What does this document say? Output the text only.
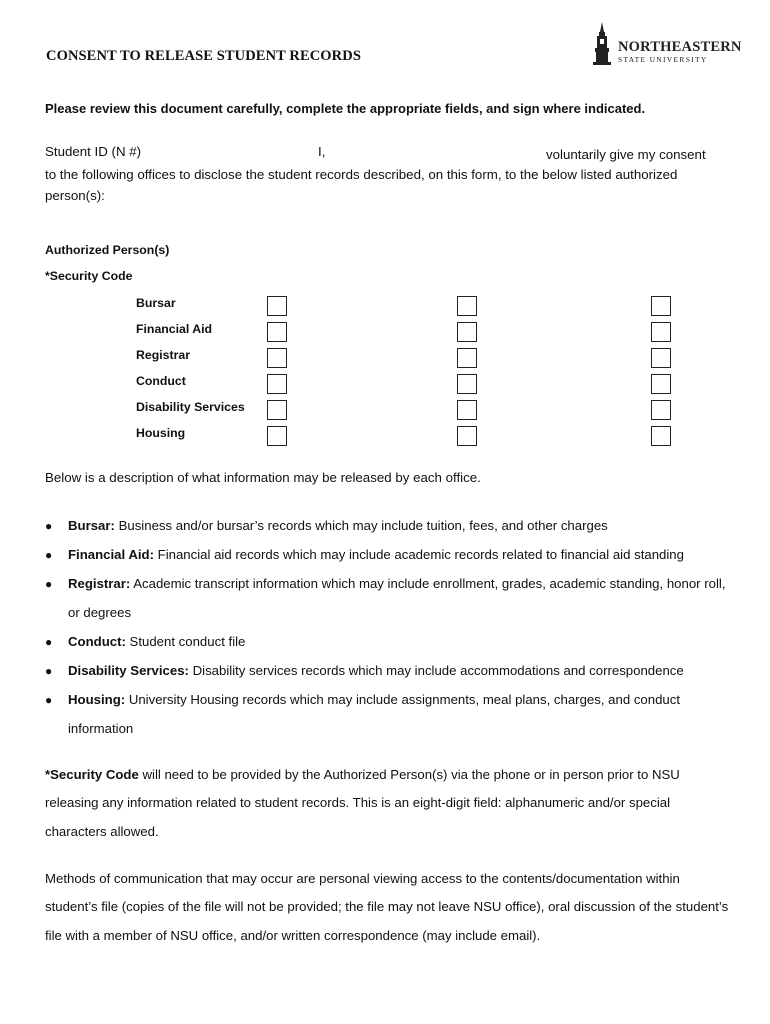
CONSENT TO RELEASE STUDENT RECORDS
NORTHEASTERN
STATE UNIVERSITY
Please review this document carefully, complete the appropriate fields, and sign where indicated.
Student ID (N #)	I,	voluntarily give my consent
to the following offices to disclose the student records described, on this form, to the below listed authorized
person(s):
Authorized Person(s)
*Security Code
Bursar
Financial Aid
Registrar
Conduct
Disability Services
Housing
Below is a description of what information may be released by each office.
● Bursar: Business and/or bursar’s records which may include tuition, fees, and other charges
● Financial Aid: Financial aid records which may include academic records related to financial aid standing
● Registrar: Academic transcript information which may include enrollment, grades, academic standing, honor roll, or degrees
● Conduct: Student conduct file
● Disability Services: Disability services records which may include accommodations and correspondence
● Housing: University Housing records which may include assignments, meal plans, charges, and conduct information
*Security Code will need to be provided by the Authorized Person(s) via the phone or in person prior to NSU releasing any information related to student records. This is an eight-digit field: alphanumeric and/or special characters allowed.
Methods of communication that may occur are personal viewing access to the contents/documentation within student’s file (copies of the file will not be provided; the file may not leave NSU office), oral discussion of the student’s file with a member of NSU office, and/or written correspondence (may include email).
